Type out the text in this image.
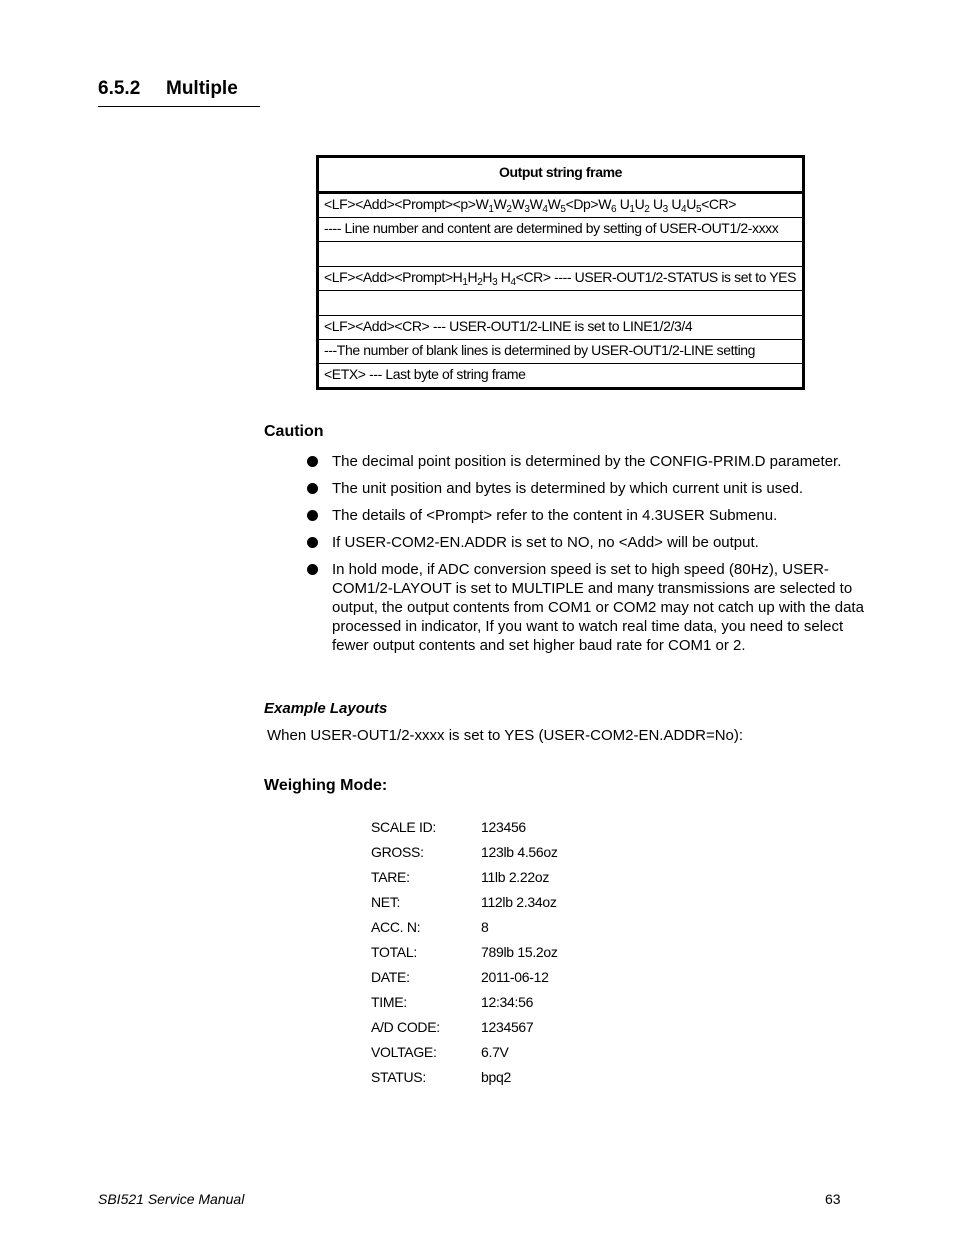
6.5.2 Multiple
Output string frame
$<LF><Add><Prompt><p>W_1W_2W_3W_4W_5<Dp>W_6$ $U_1U_2$ $U_3$ $U_4U_5<CR>$
---- Line number and content are determined by setting of USER-OUT1/2-xxxx

$<LF><Add><Prompt>H_1H_2H_3$ $H_4<CR>$ ---- USER-OUT1/2-STATUS is set to YES

<LF><Add><CR> --- USER-OUT1/2-LINE is set to LINE1/2/3/4
---The number of blank lines is determined by USER-OUT1/2-LINE setting
<ETX> --- Last byte of string frame
Caution
The decimal point position is determined by the CONFIG-PRIM.D parameter.
The unit position and bytes is determined by which current unit is used.
The details of <Prompt> refer to the content in 4.3USER Submenu.
If USER-COM2-EN.ADDR is set to NO, no <Add> will be output.
In hold mode, if ADC conversion speed is set to high speed (80Hz), USER-COM1/2-LAYOUT is set to MULTIPLE and many transmissions are selected to output, the output contents from COM1 or COM2 may not catch up with the data processed in indicator, If you want to watch real time data, you need to select fewer output contents and set higher baud rate for COM1 or 2.
Example Layouts
When USER-OUT1/2-xxxx is set to YES (USER-COM2-EN.ADDR=No):
Weighing Mode:
SCALE ID:	123456
GROSS:	123lb 4.56oz
TARE:	11lb 2.22oz
NET:	112lb 2.34oz
ACC. N:	8
TOTAL:	789lb 15.2oz
DATE:	2011-06-12
TIME:	12:34:56
A/D CODE:	1234567
VOLTAGE:	6.7V
STATUS:	bpq2
SBI521 Service Manual	63
